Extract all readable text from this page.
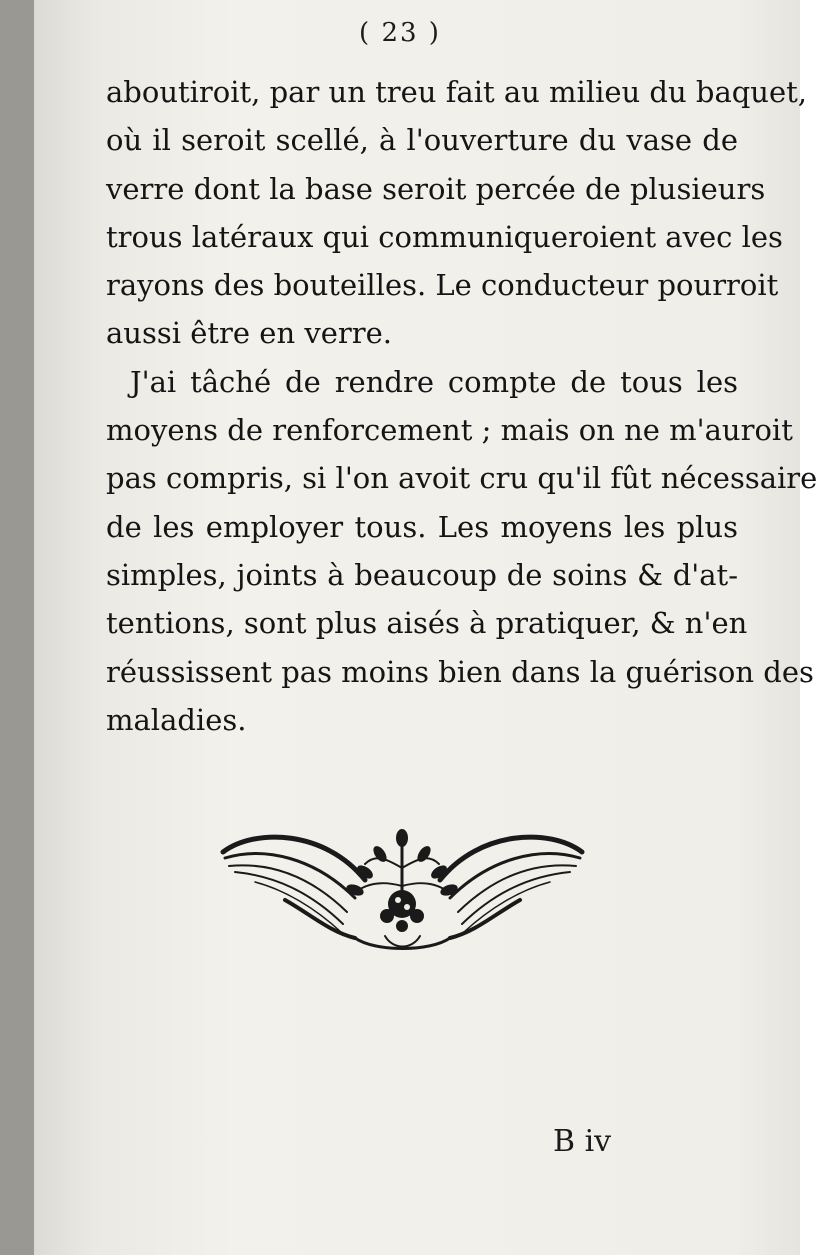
( 23 )
aboutiroit, par un treu fait au milieu du baquet,
où il seroit scellé, à l'ouverture du vase de
verre dont la base seroit percée de plusieurs
trous latéraux qui communiqueroient avec les
rayons des bouteilles. Le conducteur pourroit
aussi être en verre.
J'ai tâché de rendre compte de tous les
moyens de renforcement ; mais on ne m'auroit
pas compris, si l'on avoit cru qu'il fût nécessaire
de les employer tous. Les moyens les plus
simples, joints à beaucoup de soins & d'at-
tentions, sont plus aisés à pratiquer, & n'en
réussissent pas moins bien dans la guérison des
maladies.
B iv
